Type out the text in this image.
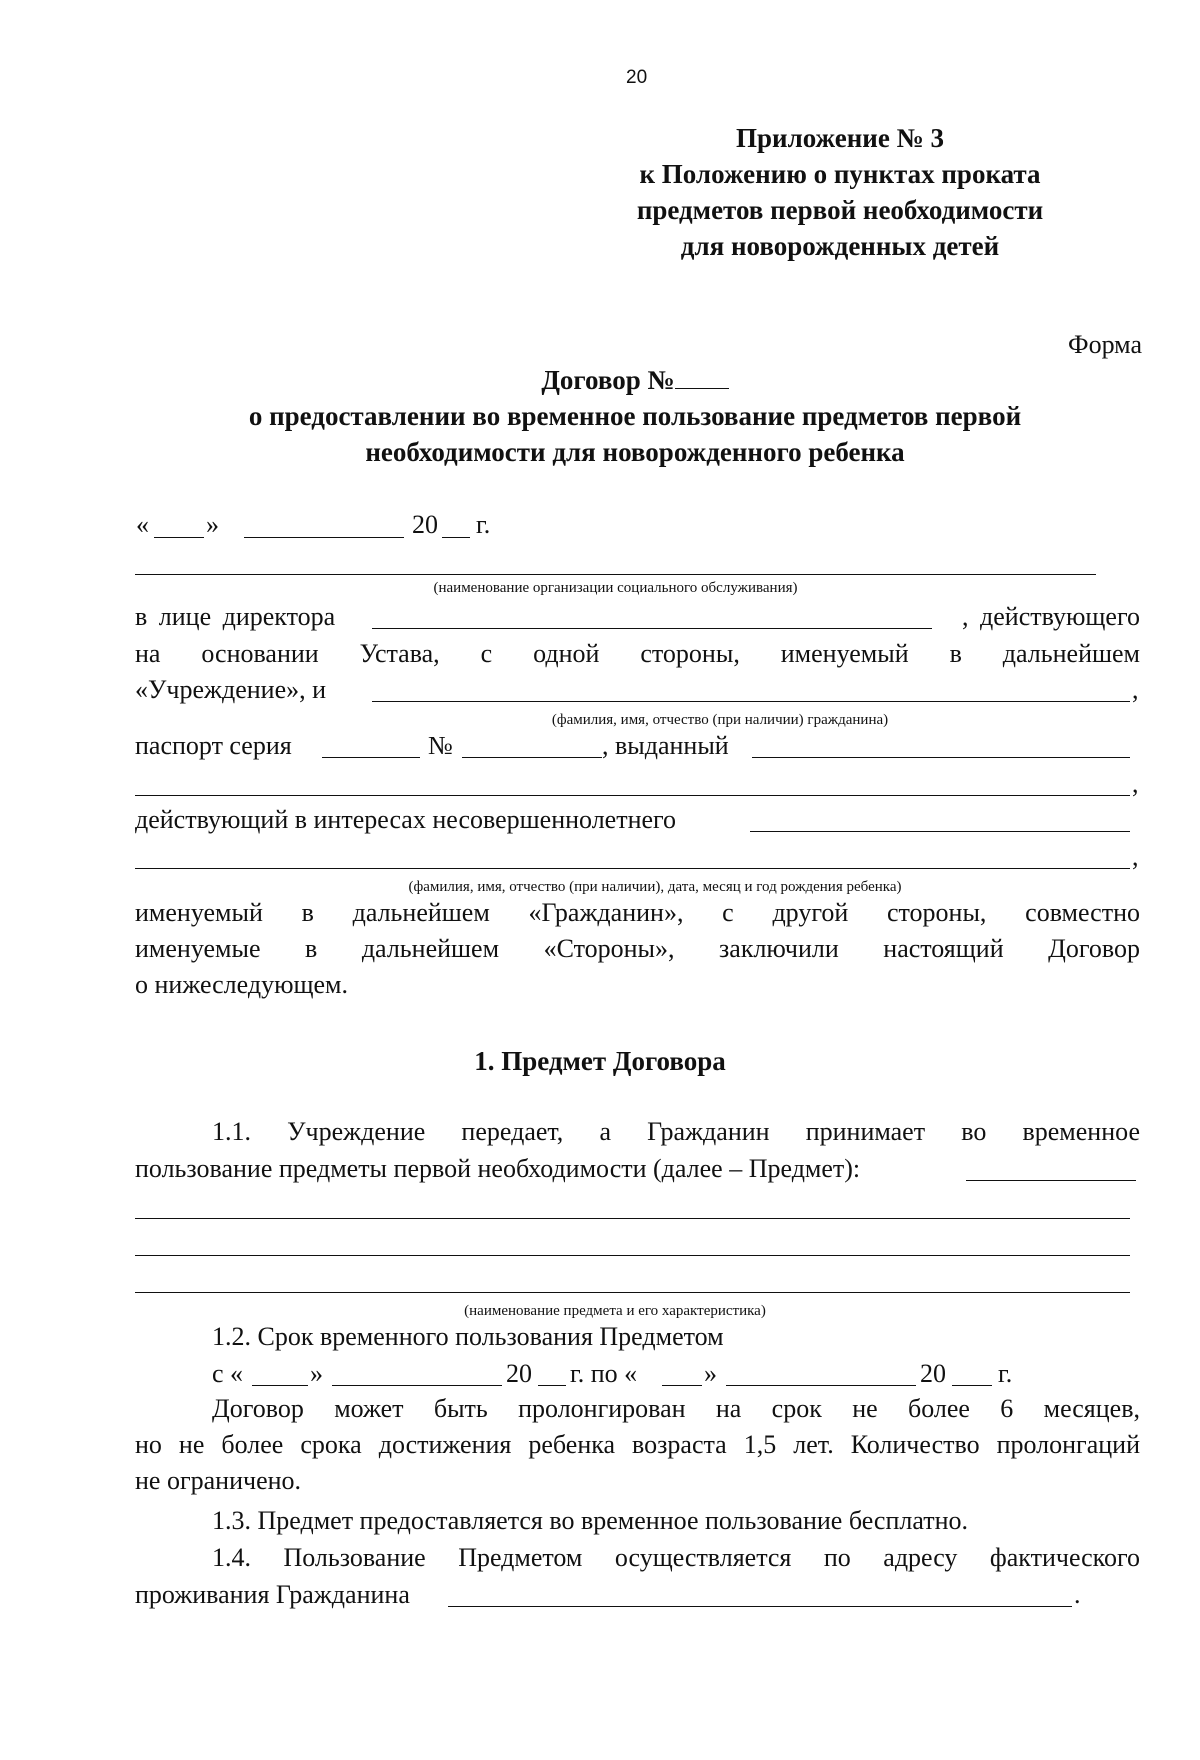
20
Приложение № 3
к Положению о пунктах проката
предметов первой необходимости
для новорожденных детей
Форма
Договор №
о предоставлении во временное пользование предметов первой
необходимости для новорожденного ребенка
« »	20 г.
(наименование организации социального обслуживания)
в лице директора	, действующего
на основании Устава, с одной стороны, именуемый в дальнейшем
«Учреждение», и	,
(фамилия, имя, отчество (при наличии) гражданина)
паспорт серия	№	, выданный
,
действующий в интересах несовершеннолетнего
,
(фамилия, имя, отчество (при наличии), дата, месяц и год рождения ребенка)
именуемый в дальнейшем «Гражданин», с другой стороны, совместно
именуемые в дальнейшем «Стороны», заключили настоящий Договор
о нижеследующем.
1. Предмет Договора
1.1. Учреждение передает, а Гражданин принимает во временное
пользование предметы первой необходимости (далее – Предмет):
(наименование предмета и его характеристика)
1.2. Срок временного пользования Предметом
с «	»	20 г. по «	»	20 г.
Договор может быть пролонгирован на срок не более 6 месяцев,
но не более срока достижения ребенка возраста 1,5 лет. Количество пролонгаций
не ограничено.
1.3. Предмет предоставляется во временное пользование бесплатно.
1.4. Пользование Предметом осуществляется по адресу фактического
проживания Гражданина	.
